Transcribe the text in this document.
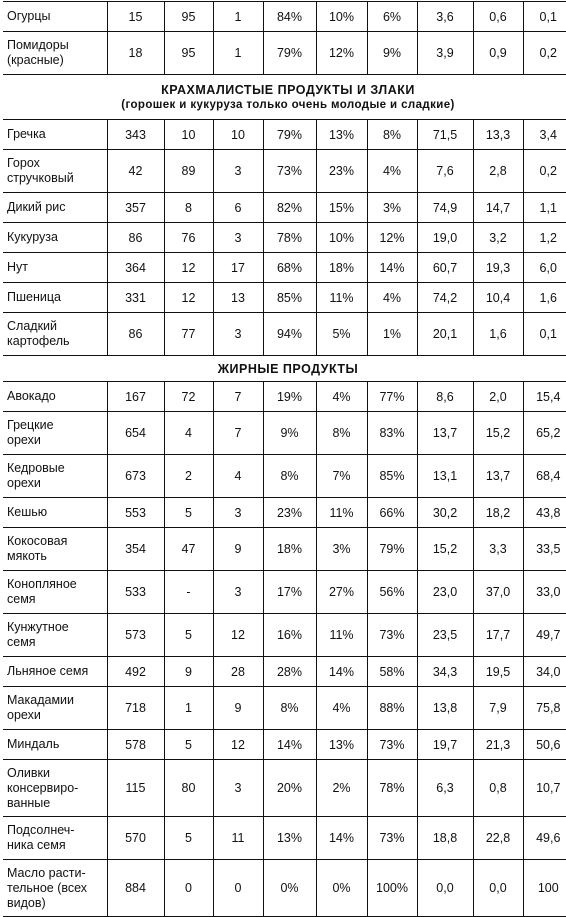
Огурцы	15	95	1	84%	10%	6%	3,6	0,6	0,1

Помидоры
(красные)	18	95	1	79%	12%	9%	3,9	0,9	0,2

КРАХМАЛИСТЫЕ ПРОДУКТЫ И ЗЛАКИ
(горошек и кукуруза только очень молодые и сладкие)									

Гречка	343	10	10	79%	13%	8%	71,5	13,3	3,4

Горох
стручковый	42	89	3	73%	23%	4%	7,6	2,8	0,2

Дикий рис	357	8	6	82%	15%	3%	74,9	14,7	1,1

Кукуруза	86	76	3	78%	10%	12%	19,0	3,2	1,2

Нут	364	12	17	68%	18%	14%	60,7	19,3	6,0

Пшеница	331	12	13	85%	11%	4%	74,2	10,4	1,6

Сладкий
картофель	86	77	3	94%	5%	1%	20,1	1,6	0,1

ЖИРНЫЕ ПРОДУКТЫ									

Авокадо	167	72	7	19%	4%	77%	8,6	2,0	15,4

Грецкие
орехи	654	4	7	9%	8%	83%	13,7	15,2	65,2

Кедровые
орехи	673	2	4	8%	7%	85%	13,1	13,7	68,4

Кешью	553	5	3	23%	11%	66%	30,2	18,2	43,8

Кокосовая
мякоть	354	47	9	18%	3%	79%	15,2	3,3	33,5

Конопляное
семя	533	-	3	17%	27%	56%	23,0	37,0	33,0

Кунжутное
семя	573	5	12	16%	11%	73%	23,5	17,7	49,7

Льняное семя	492	9	28	28%	14%	58%	34,3	19,5	34,0

Макадамии
орехи	718	1	9	8%	4%	88%	13,8	7,9	75,8

Миндаль	578	5	12	14%	13%	73%	19,7	21,3	50,6

Оливки
консервиро-
ванные	115	80	3	20%	2%	78%	6,3	0,8	10,7

Подсолнеч-
ника семя	570	5	11	13%	14%	73%	18,8	22,8	49,6

Масло расти-
тельное (всех
видов)	884	0	0	0%	0%	100%	0,0	0,0	100
